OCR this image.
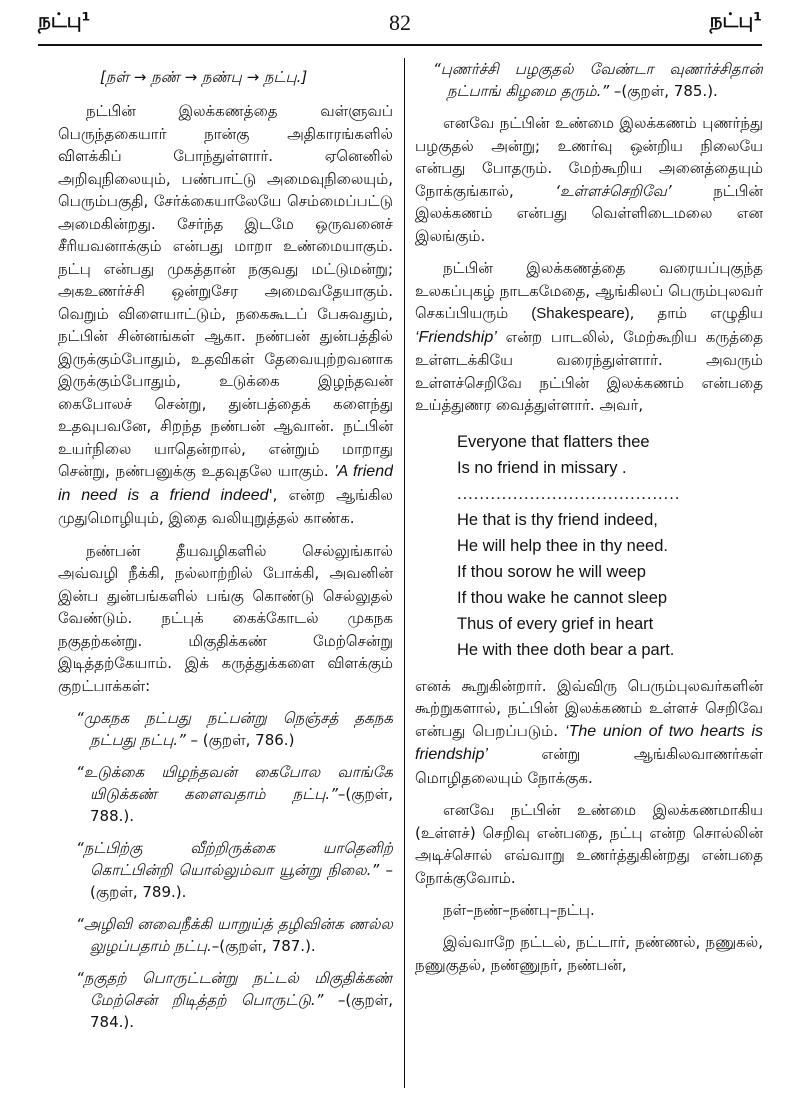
நட்பு¹	82	நட்பு¹
[நள் → நண் → நண்பு → நட்பு.]

நட்பின் இலக்கணத்தை வள்ளுவப் பெருந்தகையார் நான்கு அதிகாரங்களில் விளக்கிப் போந்துள்ளார். ஏனெனில் அறிவுநிலையும், பண்பாட்டு அமைவுநிலையும், பெரும்பகுதி, சேர்க்கையாலேயே செம்மைப்பட்டு அமைகின்றது. சேர்ந்த இடமே ஒருவனைச் சீரியவனாக்கும் என்பது மாறா உண்மையாகும். நட்பு என்பது முகத்தான் நகுவது மட்டுமன்று; அகஉணர்ச்சி ஒன்றுசேர அமைவதேயாகும். வெறும் விளையாட்டும், நகைகூடப் பேசுவதும், நட்பின் சின்னங்கள் ஆகா. நண்பன் துன்பத்தில் இருக்கும்போதும், உதவிகள் தேவையுற்றவனாக இருக்கும்போதும், உடுக்கை இழந்தவன் கைபோலச் சென்று, துன்பத்தைக் களைந்து உதவுபவனே, சிறந்த நண்பன் ஆவான். நட்பின் உயர்நிலை யாதென்றால், என்றும் மாறாது சென்று, நண்பனுக்கு உதவுதலே யாகும். 'A friend in need is a friend indeed', என்ற ஆங்கில முதுமொழியும், இதை வலியுறுத்தல் காண்க.

நண்பன் தீயவழிகளில் செல்லுங்கால் அவ்வழி நீக்கி, நல்லாற்றில் போக்கி, அவனின் இன்ப துன்பங்களில் பங்கு கொண்டு செல்லுதல் வேண்டும். நட்புக் கைக்கோடல் முகநக நகுதற்கன்று. மிகுதிக்கண் மேற்சென்று இடித்தற்கேயாம். இக் கருத்துக்களை விளக்கும் குறட்பாக்கள்:

“முகநக நட்பது நட்பன்று நெஞ்சத் தகநக நட்பது நட்பு.” – (குறள், 786.)
“உடுக்கை யிழந்தவன் கைபோல வாங்கே யிடுக்கண் களைவதாம் நட்பு.”–(குறள், 788.).
“நட்பிற்கு வீற்றிருக்கை யாதெனிற் கொட்பின்றி யொல்லும்வா யூன்று நிலை.” –(குறள், 789.).
“அழிவி னவைநீக்கி யாறுய்த் தழிவின்க ணல்ல லுழப்பதாம் நட்பு.–(குறள், 787.).
“நகுதற் பொருட்டன்று நட்டல் மிகுதிக்கண் மேற்சென் றிடித்தற் பொருட்டு.” –(குறள், 784.).
“புணர்ச்சி பழகுதல் வேண்டா வுணர்ச்சிதான் நட்பாங் கிழமை தரும்.” –(குறள், 785.).

எனவே நட்பின் உண்மை இலக்கணம் புணர்ந்து பழகுதல் அன்று; உணர்வு ஒன்றிய நிலையே என்பது போதரும். மேற்கூறிய அனைத்தையும் நோக்குங்கால், ‘உள்ளச்செறிவே’ நட்பின் இலக்கணம் என்பது வெள்ளிடைமலை என இலங்கும்.

நட்பின் இலக்கணத்தை வரையப்புகுந்த உலகப்புகழ் நாடகமேதை, ஆங்கிலப் பெரும்புலவர் செகப்பியரும் (Shakespeare), தாம் எழுதிய ‘Friendship’ என்ற பாடலில், மேற்கூறிய கருத்தை உள்ளடக்கியே வரைந்துள்ளார். அவரும் உள்ளச்செறிவே நட்பின் இலக்கணம் என்பதை உய்த்துணர வைத்துள்ளார். அவர்,

Everyone that flatters thee
Is no friend in missary .
........................................
He that is thy friend indeed,
He will help thee in thy need.
If thou sorow he will weep
If thou wake he cannot sleep
Thus of every grief in heart
He with thee doth bear a part.

எனக் கூறுகின்றார். இவ்விரு பெரும்புலவர்களின் கூற்றுகளால், நட்பின் இலக்கணம் உள்ளச் செறிவே என்பது பெறப்படும். ‘The union of two hearts is friendship’ என்று ஆங்கிலவாணர்கள் மொழிதலையும் நோக்குக.

எனவே நட்பின் உண்மை இலக்கணமாகிய (உள்ளச்) செறிவு என்பதை, நட்பு என்ற சொல்லின் அடிச்சொல் எவ்வாறு உணர்த்துகின்றது என்பதை நோக்குவோம்.

நள்–நண்–நண்பு–நட்பு.

இவ்வாறே நட்டல், நட்டார், நண்ணல், நணுகல், நணுகுதல், நண்ணுநர், நண்பன்,
